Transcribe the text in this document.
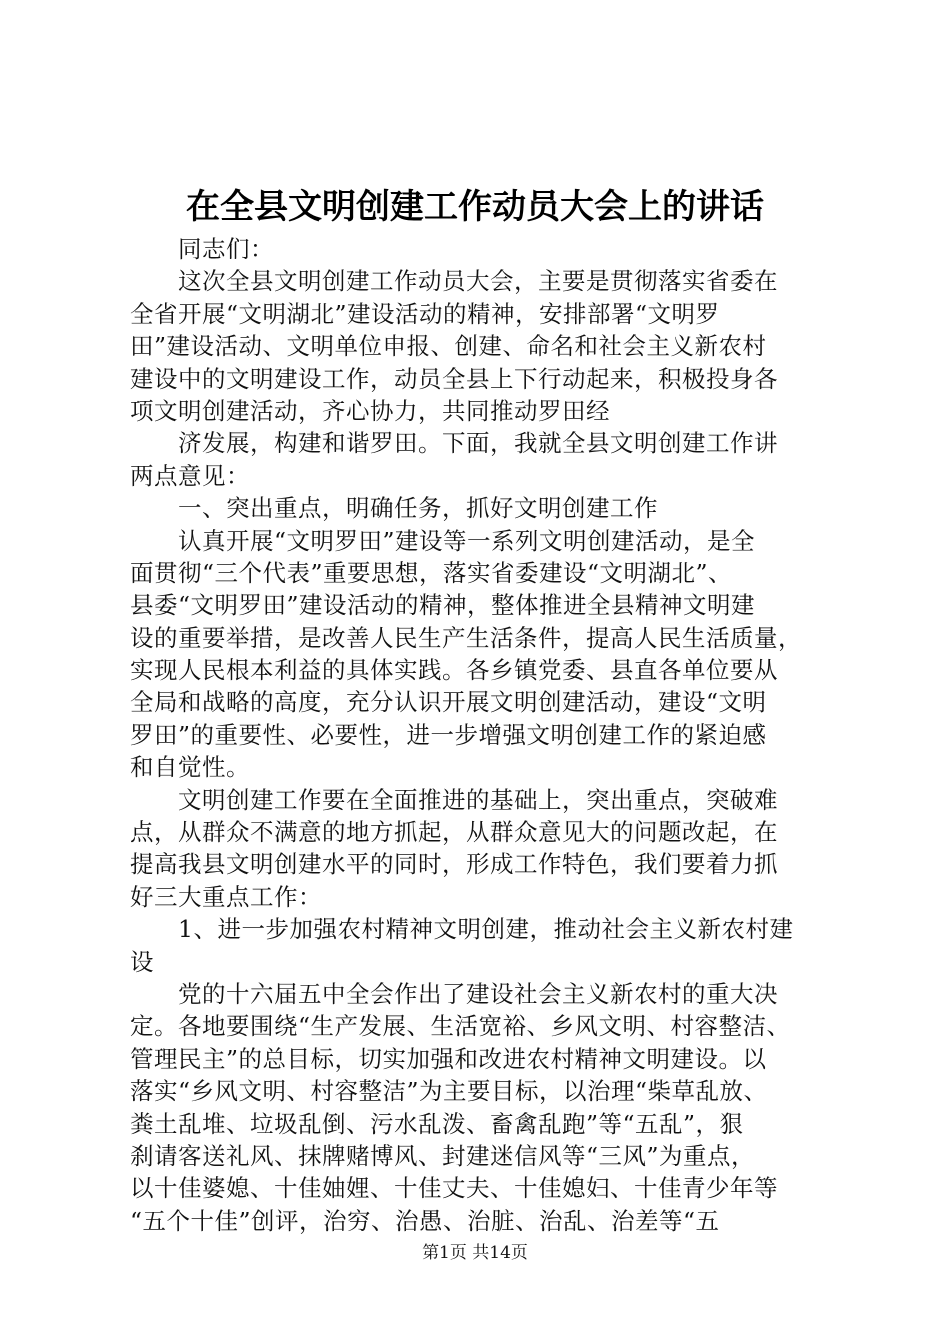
在全县文明创建工作动员大会上的讲话
同志们：
这次全县文明创建工作动员大会，主要是贯彻落实省委在
全省开展“文明湖北”建设活动的精神，安排部署“文明罗
田”建设活动、文明单位申报、创建、命名和社会主义新农村
建设中的文明建设工作，动员全县上下行动起来，积极投身各
项文明创建活动，齐心协力，共同推动罗田经
济发展，构建和谐罗田。下面，我就全县文明创建工作讲
两点意见：
一、突出重点，明确任务，抓好文明创建工作
认真开展“文明罗田”建设等一系列文明创建活动，是全
面贯彻“三个代表”重要思想，落实省委建设“文明湖北”、
县委“文明罗田”建设活动的精神，整体推进全县精神文明建
设的重要举措，是改善人民生产生活条件，提高人民生活质量，
实现人民根本利益的具体实践。各乡镇党委、县直各单位要从
全局和战略的高度，充分认识开展文明创建活动，建设“文明
罗田”的重要性、必要性，进一步增强文明创建工作的紧迫感
和自觉性。
文明创建工作要在全面推进的基础上，突出重点，突破难
点，从群众不满意的地方抓起，从群众意见大的问题改起，在
提高我县文明创建水平的同时，形成工作特色，我们要着力抓
好三大重点工作：
1、进一步加强农村精神文明创建，推动社会主义新农村建
设
党的十六届五中全会作出了建设社会主义新农村的重大决
定。各地要围绕“生产发展、生活宽裕、乡风文明、村容整洁、
管理民主”的总目标，切实加强和改进农村精神文明建设。以
落实“乡风文明、村容整洁”为主要目标，以治理“柴草乱放、
粪土乱堆、垃圾乱倒、污水乱泼、畜禽乱跑”等“五乱”，狠
刹请客送礼风、抹牌赌博风、封建迷信风等“三风”为重点，
以十佳婆媳、十佳妯娌、十佳丈夫、十佳媳妇、十佳青少年等
“五个十佳”创评，治穷、治愚、治脏、治乱、治差等“五
第1页 共14页
